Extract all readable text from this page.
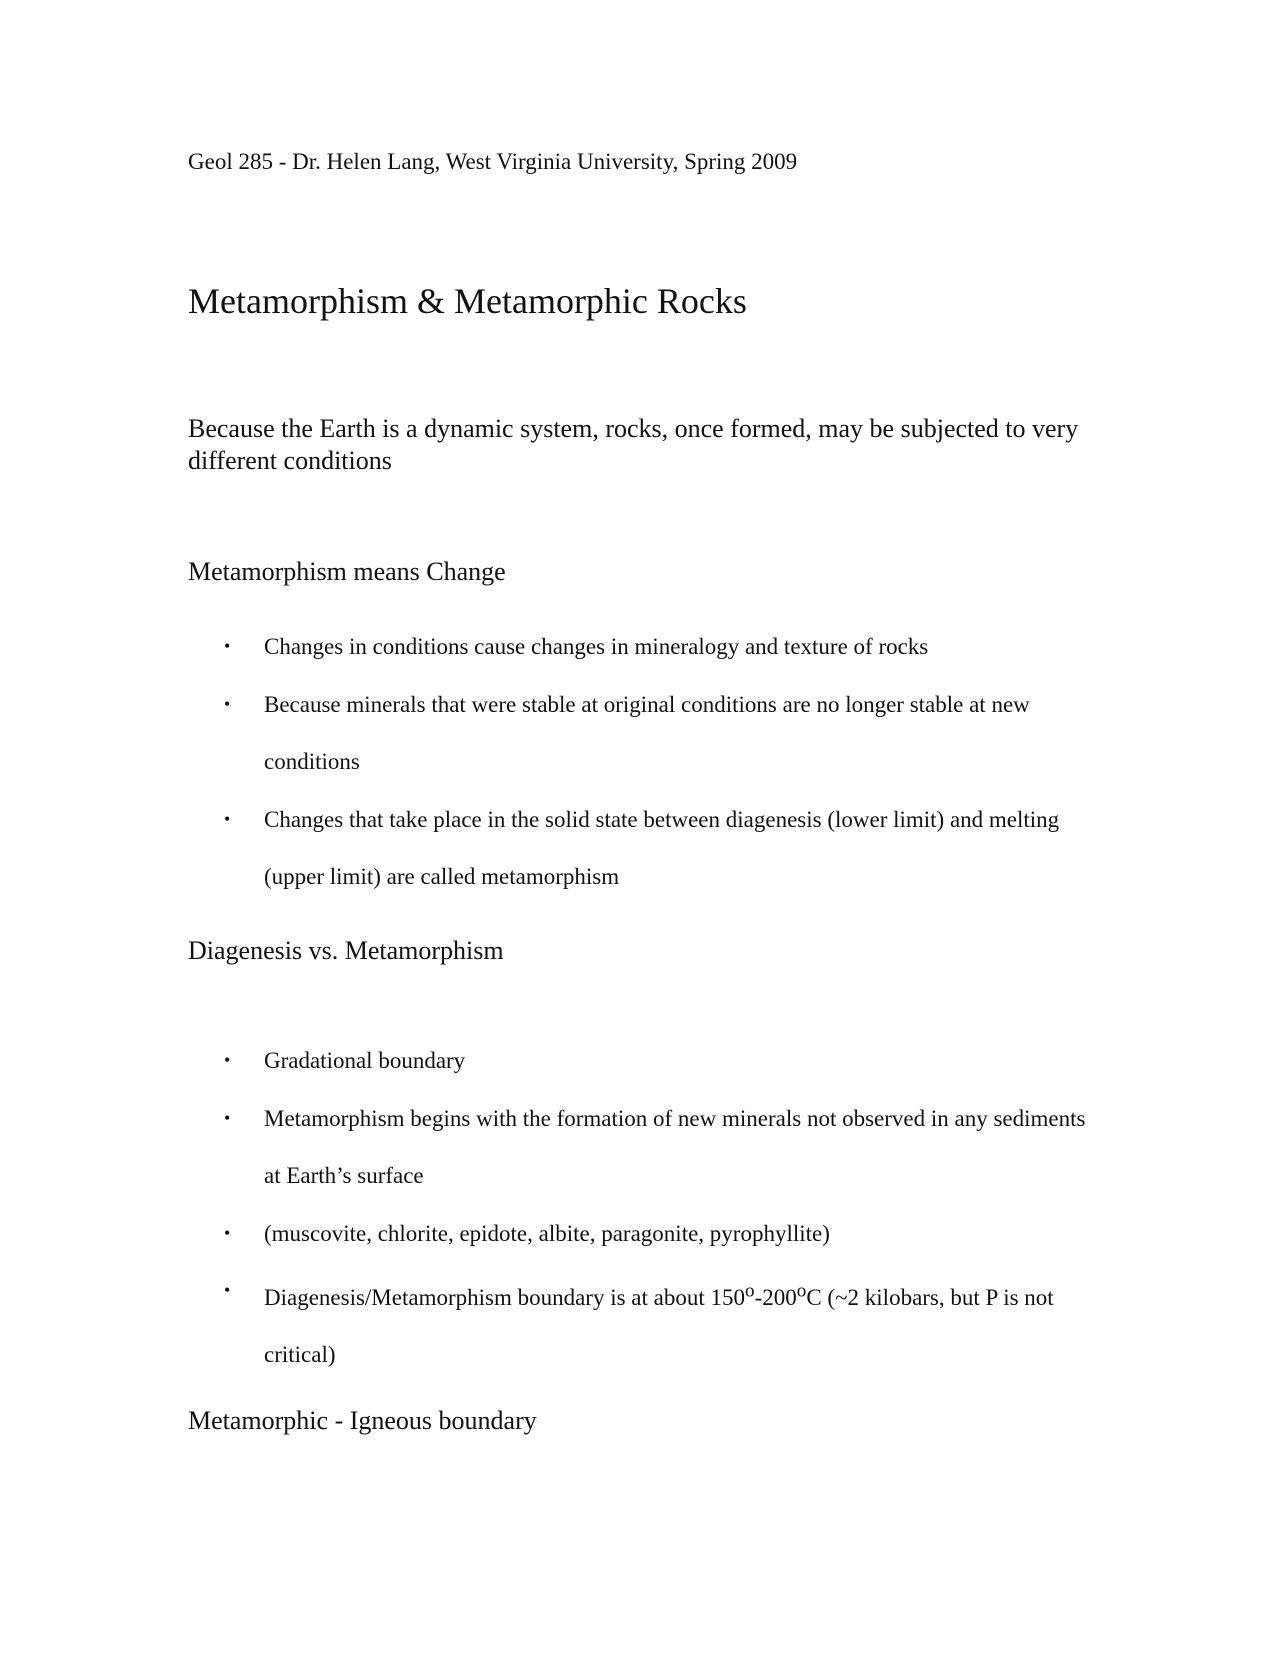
Geol 285 - Dr. Helen Lang, West Virginia University, Spring 2009
Metamorphism & Metamorphic Rocks
Because the Earth is a dynamic system, rocks, once formed, may be subjected to very different conditions
Metamorphism means Change
• Changes in conditions cause changes in mineralogy and texture of rocks
• Because minerals that were stable at original conditions are no longer stable at new conditions
• Changes that take place in the solid state between diagenesis (lower limit) and melting (upper limit) are called metamorphism
Diagenesis vs. Metamorphism
• Gradational boundary
• Metamorphism begins with the formation of new minerals not observed in any sediments at Earth’s surface
• (muscovite, chlorite, epidote, albite, paragonite, pyrophyllite)
• Diagenesis/Metamorphism boundary is at about 150$^o$-200$^o$C (~2 kilobars, but P is not critical)
Metamorphic - Igneous boundary
